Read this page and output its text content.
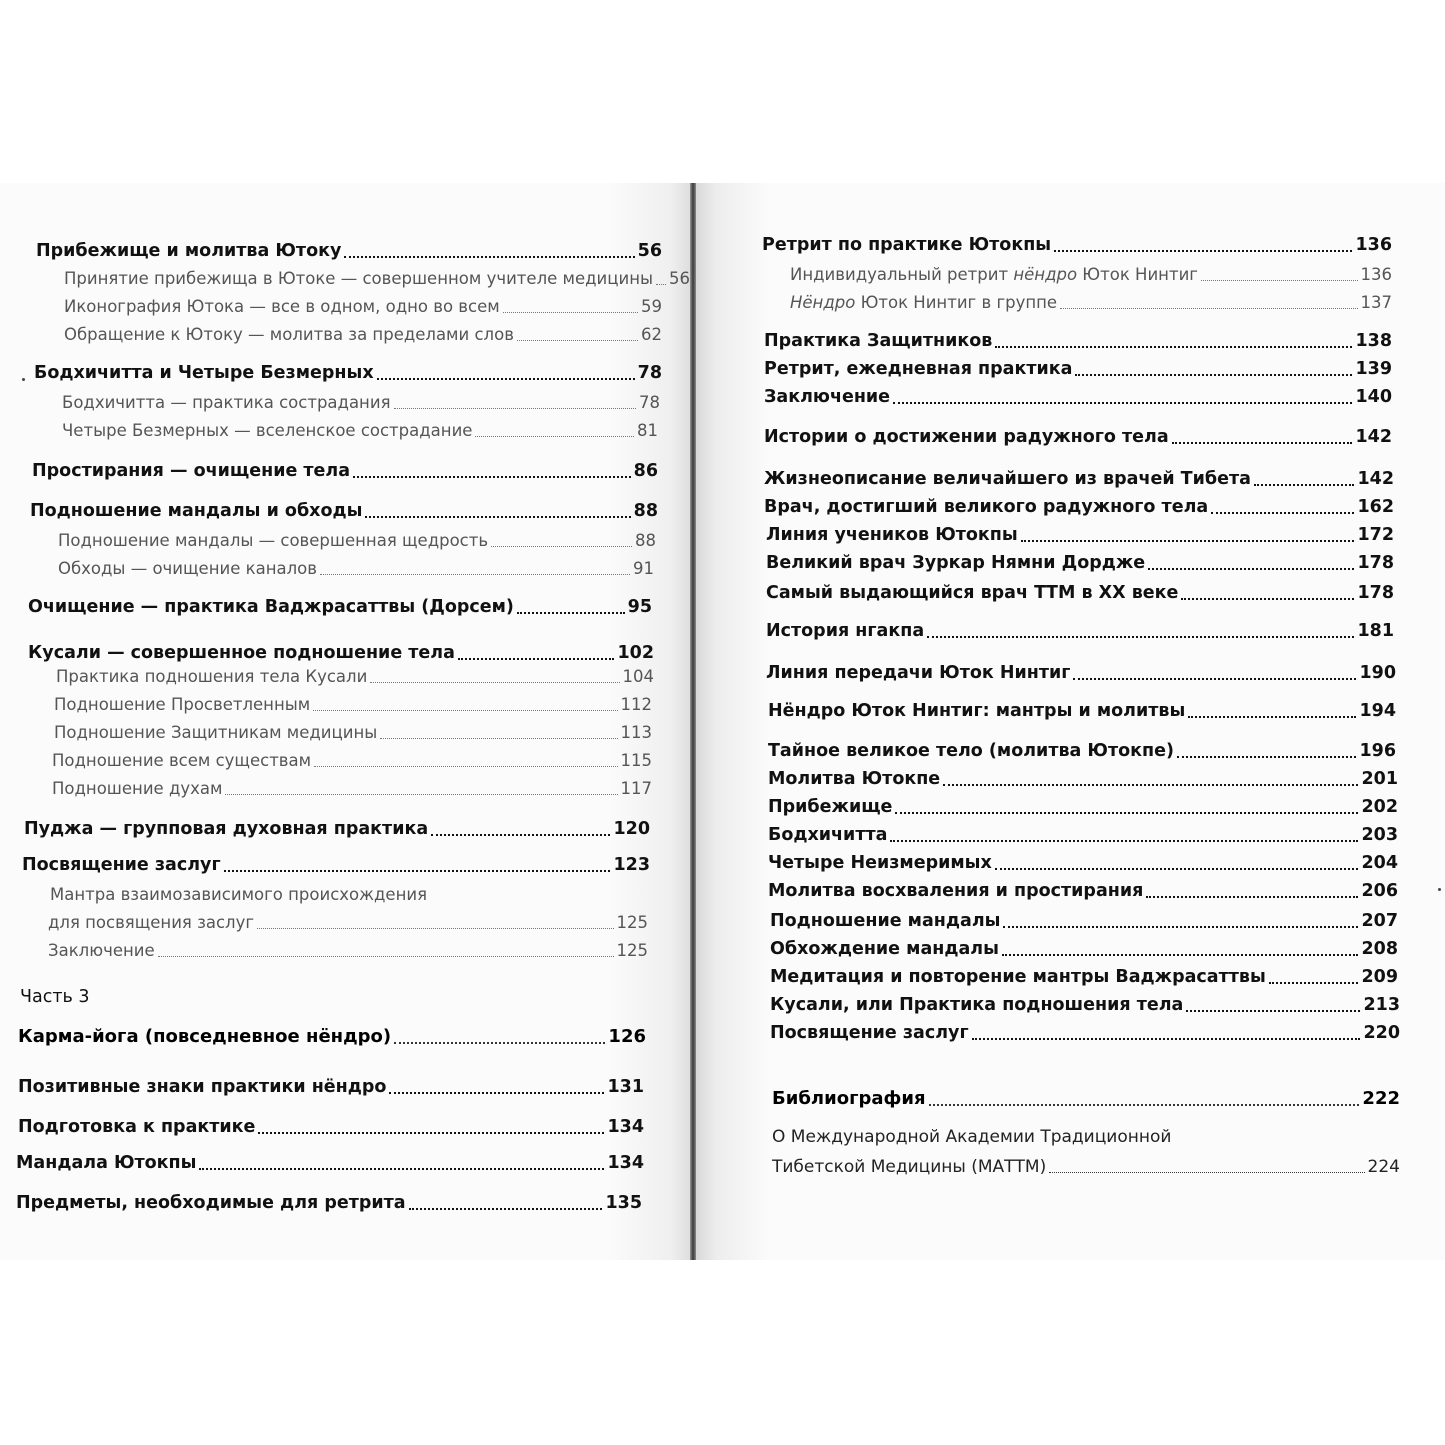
Прибежище и молитва Ютоку	56
Принятие прибежища в Ютоке — совершенном учителе медицины 56
Иконография Ютока — все в одном, одно во всем	59
Обращение к Ютоку — молитва за пределами слов	62
Бодхичитта и Четыре Безмерных	78
Бодхичитта — практика сострадания	78
Четыре Безмерных — вселенское сострадание	81
Простирания — очищение тела	86
Подношение мандалы и обходы	88
Подношение мандалы — совершенная щедрость	88
Обходы — очищение каналов	91
Очищение — практика Ваджрасаттвы (Дорсем)	95
Кусали — совершенное подношение тела	102
Практика подношения тела Кусали	104
Подношение Просветленным	112
Подношение Защитникам медицины	113
Подношение всем существам	115
Подношение духам	117
Пуджа — групповая духовная практика	120
Посвящение заслуг	123
Мантра взаимозависимого происхождения
для посвящения заслуг	125
Заключение	125
Часть 3
Карма-йога (повседневное нёндро)	126
Позитивные знаки практики нёндро	131
Подготовка к практике	134
Мандала Ютокпы	134
Предметы, необходимые для ретрита	135
Ретрит по практике Ютокпы	136
Индивидуальный ретрит нёндро Юток Нинтиг	136
Нёндро Юток Нинтиг в группе	137
Практика Защитников	138
Ретрит, ежедневная практика	139
Заключение	140
Истории о достижении радужного тела	142
Жизнеописание величайшего из врачей Тибета	142
Врач, достигший великого радужного тела	162
Линия учеников Ютокпы	172
Великий врач Зуркар Нямни Дордже	178
Самый выдающийся врач ТТМ в XX веке	178
История нгакпа	181
Линия передачи Юток Нинтиг	190
Нёндро Юток Нинтиг: мантры и молитвы	194
Тайное великое тело (молитва Ютокпе)	196
Молитва Ютокпе	201
Прибежище	202
Бодхичитта	203
Четыре Неизмеримых	204
Молитва восхваления и простирания	206
Подношение мандалы	207
Обхождение мандалы	208
Медитация и повторение мантры Ваджрасаттвы	209
Кусали, или Практика подношения тела	213
Посвящение заслуг	220
Библиография	222
О Международной Академии Традиционной
Тибетской Медицины (МАТТМ)	224
